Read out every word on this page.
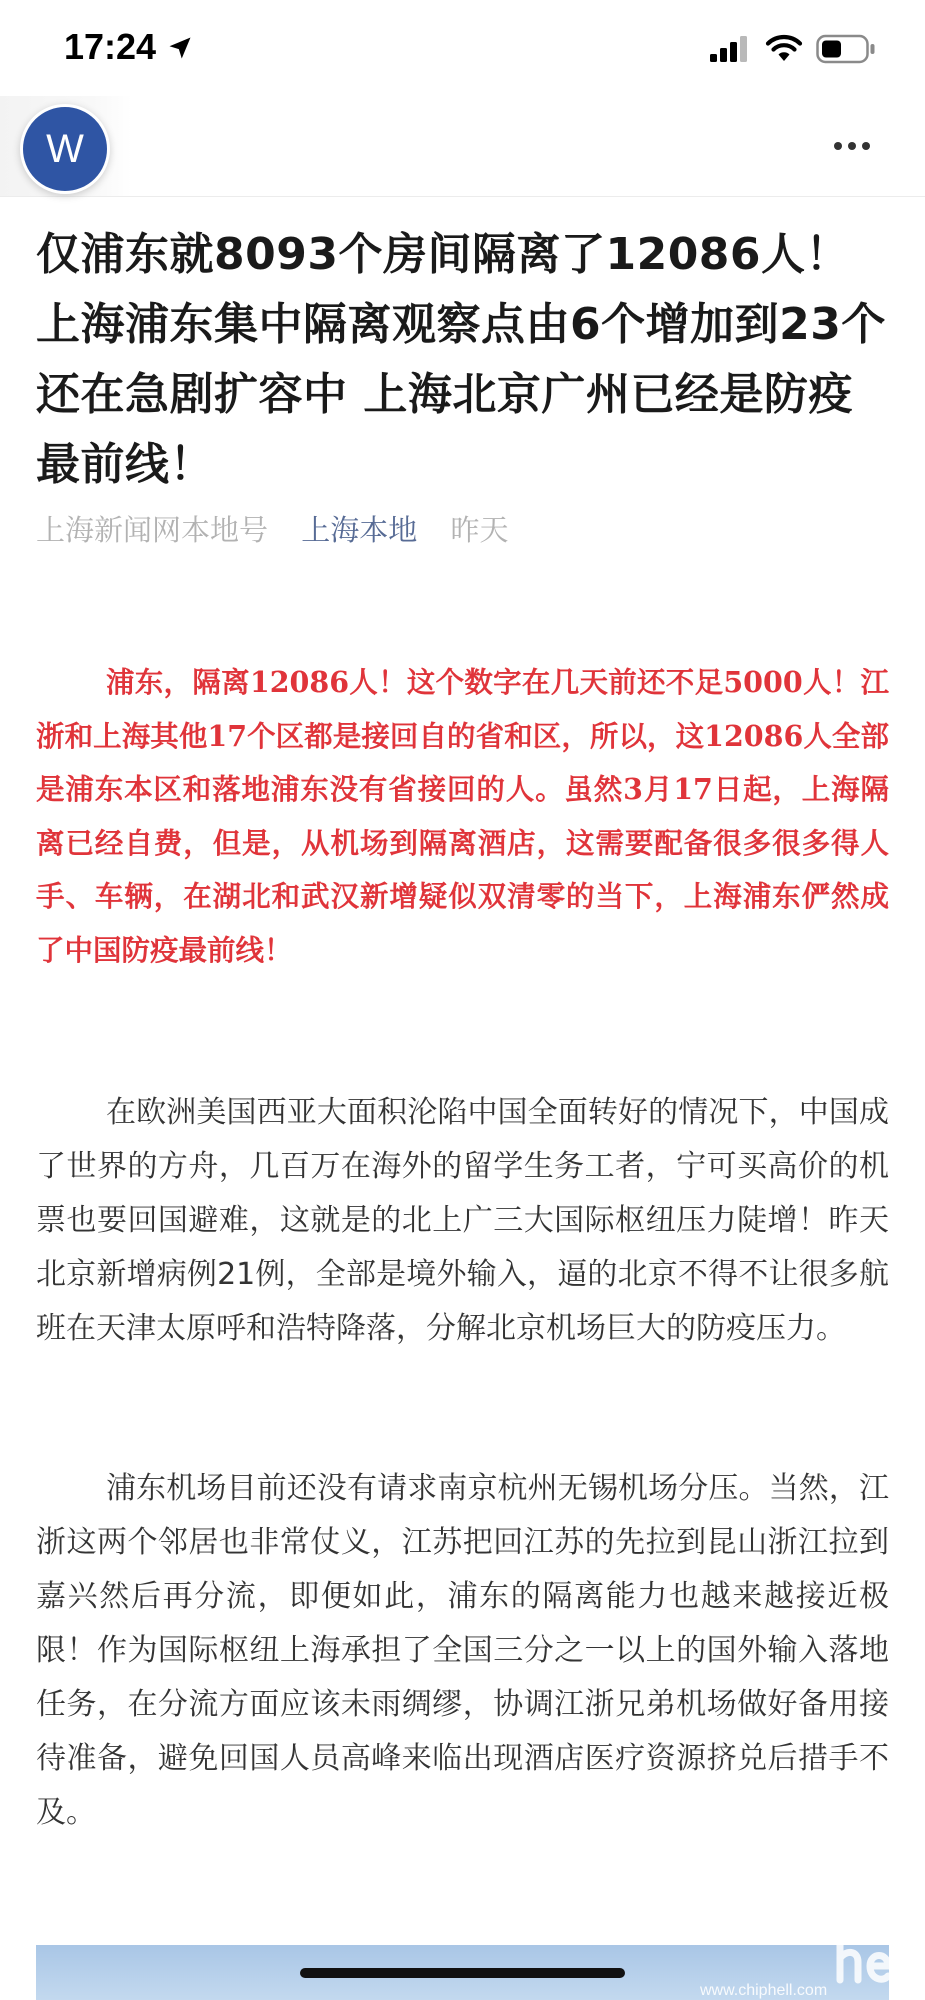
17:24
W
仅浦东就8093个房间隔离了12086人！上海浦东集中隔离观察点由6个增加到23个还在急剧扩容中 上海北京广州已经是防疫最前线！
上海新闻网本地号 上海本地 昨天

浦东，隔离12086人！这个数字在几天前还不足5000人！江浙和上海其他17个区都是接回自的省和区，所以，这12086人全部是浦东本区和落地浦东没有省接回的人。虽然3月17日起，上海隔离已经自费，但是，从机场到隔离酒店，这需要配备很多很多得人手、车辆，在湖北和武汉新增疑似双清零的当下，上海浦东俨然成了中国防疫最前线！

在欧洲美国西亚大面积沦陷中国全面转好的情况下，中国成了世界的方舟，几百万在海外的留学生务工者，宁可买高价的机票也要回国避难，这就是的北上广三大国际枢纽压力陡增！昨天北京新增病例21例，全部是境外输入，逼的北京不得不让很多航班在天津太原呼和浩特降落，分解北京机场巨大的防疫压力。

浦东机场目前还没有请求南京杭州无锡机场分压。当然，江浙这两个邻居也非常仗义，江苏把回江苏的先拉到昆山浙江拉到嘉兴然后再分流，即便如此，浦东的隔离能力也越来越接近极限！作为国际枢纽上海承担了全国三分之一以上的国外输入落地任务，在分流方面应该未雨绸缪，协调江浙兄弟机场做好备用接待准备，避免回国人员高峰来临出现酒店医疗资源挤兑后措手不及。

www.chiphell.com
